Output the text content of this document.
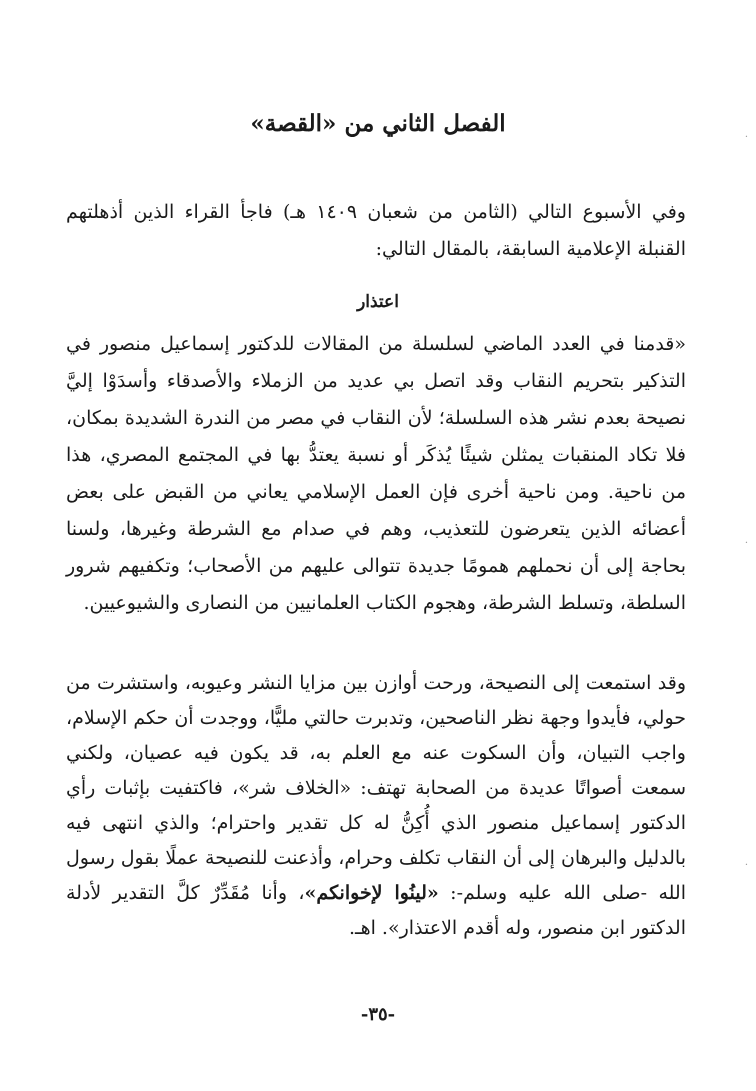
الفصل الثاني من «القصة»

وفي الأسبوع التالي (الثامن من شعبان ١٤٠٩ هـ) فاجأ القراء الذين أذهلتهم القنبلة الإعلامية السابقة، بالمقال التالي:

اعتذار

«قدمنا في العدد الماضي لسلسلة من المقالات للدكتور إسماعيل منصور في التذكير بتحريم النقاب وقد اتصل بي عديد من الزملاء والأصدقاء وأسدَوْا إليَّ نصيحة بعدم نشر هذه السلسلة؛ لأن النقاب في مصر من الندرة الشديدة بمكان، فلا تكاد المنقبات يمثلن شيئًا يُذكَر أو نسبة يعتدُّ بها في المجتمع المصري، هذا من ناحية. ومن ناحية أخرى فإن العمل الإسلامي يعاني من القبض على بعض أعضائه الذين يتعرضون للتعذيب، وهم في صدام مع الشرطة وغيرها، ولسنا بحاجة إلى أن نحملهم همومًا جديدة تتوالى عليهم من الأصحاب؛ وتكفيهم شرور السلطة، وتسلط الشرطة، وهجوم الكتاب العلمانيين من النصارى والشيوعيين.

وقد استمعت إلى النصيحة، ورحت أوازن بين مزايا النشر وعيوبه، واستشرت من حولي، فأيدوا وجهة نظر الناصحين، وتدبرت حالتي مليًّا، ووجدت أن حكم الإسلام، واجب التبيان، وأن السكوت عنه مع العلم به، قد يكون فيه عصيان، ولكني سمعت أصواتًا عديدة من الصحابة تهتف: «الخلاف شر»، فاكتفيت بإثبات رأي الدكتور إسماعيل منصور الذي أُكِنُّ له كل تقدير واحترام؛ والذي انتهى فيه بالدليل والبرهان إلى أن النقاب تكلف وحرام، وأذعنت للنصيحة عملًا بقول رسول الله -صلى الله عليه وسلم-: «لينُوا لإخوانكم»، وأنا مُقَدِّرٌ كلَّ التقدير لأدلة الدكتور ابن منصور، وله أقدم الاعتذار». اهـ.

-٣٥-
·
·
·
